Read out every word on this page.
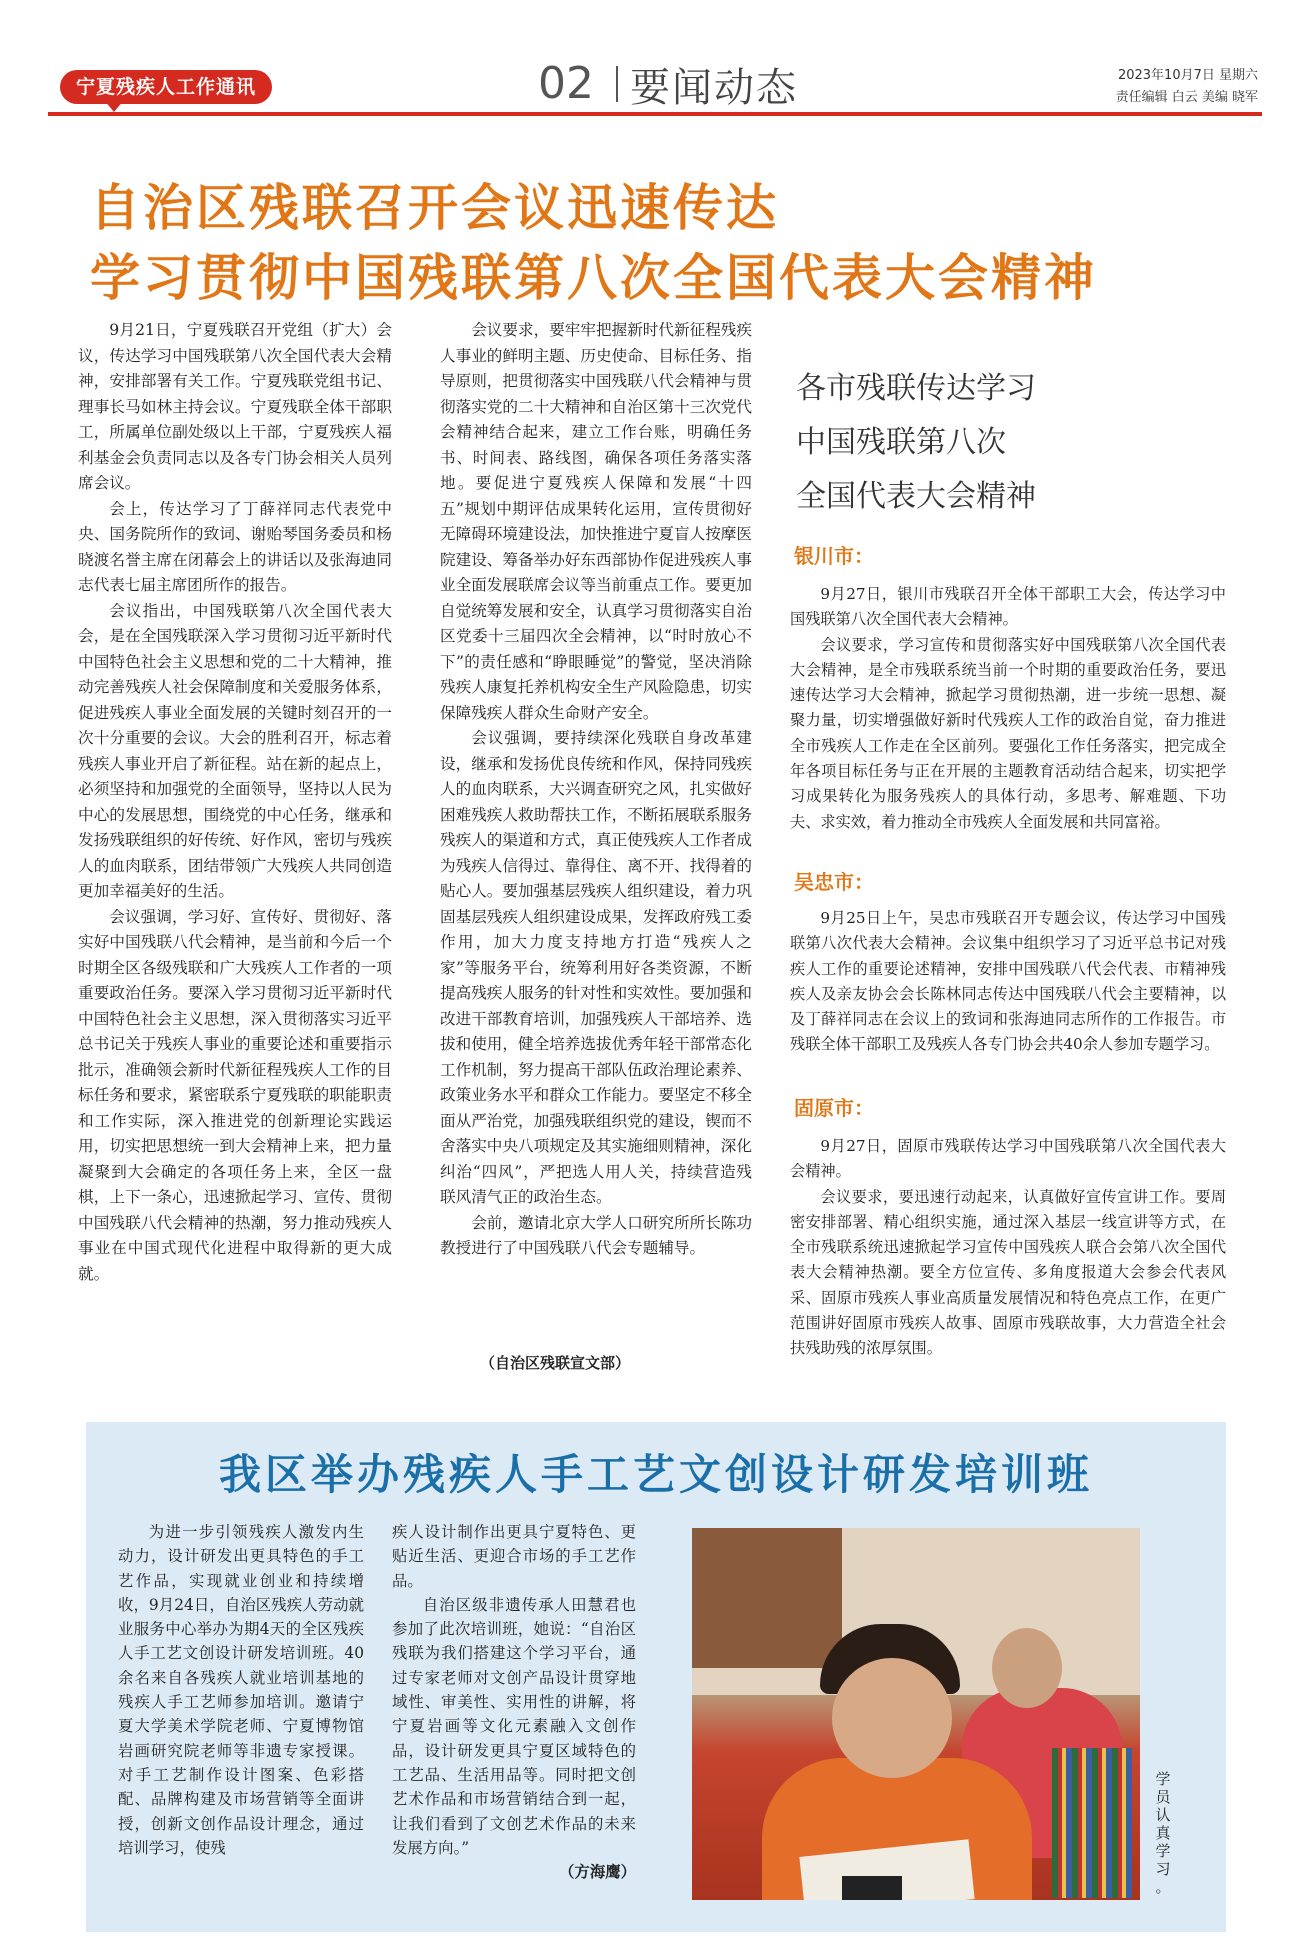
宁夏残疾人工作通讯	02 要闻动态	2023年10月7日 星期六
责任编辑 白云 美编 晓军
自治区残联召开会议迅速传达
学习贯彻中国残联第八次全国代表大会精神

9月21日，宁夏残联召开党组（扩大）会议，传达学习中国残联第八次全国代表大会精神，安排部署有关工作。宁夏残联党组书记、理事长马如林主持会议。宁夏残联全体干部职工，所属单位副处级以上干部，宁夏残疾人福利基金会负责同志以及各专门协会相关人员列席会议。

会上，传达学习了丁薛祥同志代表党中央、国务院所作的致词、谢贻琴国务委员和杨晓渡名誉主席在闭幕会上的讲话以及张海迪同志代表七届主席团所作的报告。

会议指出，中国残联第八次全国代表大会，是在全国残联深入学习贯彻习近平新时代中国特色社会主义思想和党的二十大精神，推动完善残疾人社会保障制度和关爱服务体系，促进残疾人事业全面发展的关键时刻召开的一次十分重要的会议。大会的胜利召开，标志着残疾人事业开启了新征程。站在新的起点上，必须坚持和加强党的全面领导，坚持以人民为中心的发展思想，围绕党的中心任务，继承和发扬残联组织的好传统、好作风，密切与残疾人的血肉联系，团结带领广大残疾人共同创造更加幸福美好的生活。

会议强调，学习好、宣传好、贯彻好、落实好中国残联八代会精神，是当前和今后一个时期全区各级残联和广大残疾人工作者的一项重要政治任务。要深入学习贯彻习近平新时代中国特色社会主义思想，深入贯彻落实习近平总书记关于残疾人事业的重要论述和重要指示批示，准确领会新时代新征程残疾人工作的目标任务和要求，紧密联系宁夏残联的职能职责和工作实际，深入推进党的创新理论实践运用，切实把思想统一到大会精神上来，把力量凝聚到大会确定的各项任务上来，全区一盘棋，上下一条心，迅速掀起学习、宣传、贯彻中国残联八代会精神的热潮，努力推动残疾人事业在中国式现代化进程中取得新的更大成就。

会议要求，要牢牢把握新时代新征程残疾人事业的鲜明主题、历史使命、目标任务、指导原则，把贯彻落实中国残联八代会精神与贯彻落实党的二十大精神和自治区第十三次党代会精神结合起来，建立工作台账，明确任务书、时间表、路线图，确保各项任务落实落地。要促进宁夏残疾人保障和发展“十四五”规划中期评估成果转化运用，宣传贯彻好无障碍环境建设法，加快推进宁夏盲人按摩医院建设、筹备举办好东西部协作促进残疾人事业全面发展联席会议等当前重点工作。要更加自觉统筹发展和安全，认真学习贯彻落实自治区党委十三届四次全会精神，以“时时放心不下”的责任感和“睁眼睡觉”的警觉，坚决消除残疾人康复托养机构安全生产风险隐患，切实保障残疾人群众生命财产安全。

会议强调，要持续深化残联自身改革建设，继承和发扬优良传统和作风，保持同残疾人的血肉联系，大兴调查研究之风，扎实做好困难残疾人救助帮扶工作，不断拓展联系服务残疾人的渠道和方式，真正使残疾人工作者成为残疾人信得过、靠得住、离不开、找得着的贴心人。要加强基层残疾人组织建设，着力巩固基层残疾人组织建设成果，发挥政府残工委作用，加大力度支持地方打造“残疾人之家”等服务平台，统筹利用好各类资源，不断提高残疾人服务的针对性和实效性。要加强和改进干部教育培训，加强残疾人干部培养、选拔和使用，健全培养选拔优秀年轻干部常态化工作机制，努力提高干部队伍政治理论素养、政策业务水平和群众工作能力。要坚定不移全面从严治党，加强残联组织党的建设，锲而不舍落实中央八项规定及其实施细则精神，深化纠治“四风”，严把选人用人关，持续营造残联风清气正的政治生态。

会前，邀请北京大学人口研究所所长陈功教授进行了中国残联八代会专题辅导。

（自治区残联宣文部）
各市残联传达学习
中国残联第八次
全国代表大会精神
银川市：

9月27日，银川市残联召开全体干部职工大会，传达学习中国残联第八次全国代表大会精神。

会议要求，学习宣传和贯彻落实好中国残联第八次全国代表大会精神，是全市残联系统当前一个时期的重要政治任务，要迅速传达学习大会精神，掀起学习贯彻热潮，进一步统一思想、凝聚力量，切实增强做好新时代残疾人工作的政治自觉，奋力推进全市残疾人工作走在全区前列。要强化工作任务落实，把完成全年各项目标任务与正在开展的主题教育活动结合起来，切实把学习成果转化为服务残疾人的具体行动，多思考、解难题、下功夫、求实效，着力推动全市残疾人全面发展和共同富裕。

吴忠市：

9月25日上午，吴忠市残联召开专题会议，传达学习中国残联第八次代表大会精神。会议集中组织学习了习近平总书记对残疾人工作的重要论述精神，安排中国残联八代会代表、市精神残疾人及亲友协会会长陈林同志传达中国残联八代会主要精神，以及丁薛祥同志在会议上的致词和张海迪同志所作的工作报告。市残联全体干部职工及残疾人各专门协会共40余人参加专题学习。

固原市：

9月27日，固原市残联传达学习中国残联第八次全国代表大会精神。

会议要求，要迅速行动起来，认真做好宣传宣讲工作。要周密安排部署、精心组织实施，通过深入基层一线宣讲等方式，在全市残联系统迅速掀起学习宣传中国残疾人联合会第八次全国代表大会精神热潮。要全方位宣传、多角度报道大会参会代表风采、固原市残疾人事业高质量发展情况和特色亮点工作，在更广范围讲好固原市残疾人故事、固原市残联故事，大力营造全社会扶残助残的浓厚氛围。

我区举办残疾人手工艺文创设计研发培训班

为进一步引领残疾人激发内生动力，设计研发出更具特色的手工艺作品，实现就业创业和持续增收，9月24日，自治区残疾人劳动就业服务中心举办为期4天的全区残疾人手工艺文创设计研发培训班。40余名来自各残疾人就业培训基地的残疾人手工艺师参加培训。邀请宁夏大学美术学院老师、宁夏博物馆岩画研究院老师等非遗专家授课。对手工艺制作设计图案、色彩搭配、品牌构建及市场营销等全面讲授，创新文创作品设计理念，通过培训学习，使残

疾人设计制作出更具宁夏特色、更贴近生活、更迎合市场的手工艺作品。

自治区级非遗传承人田慧君也参加了此次培训班，她说：“自治区残联为我们搭建这个学习平台，通过专家老师对文创产品设计贯穿地域性、审美性、实用性的讲解，将宁夏岩画等文化元素融入文创作品，设计研发更具宁夏区域特色的工艺品、生活用品等。同时把文创艺术作品和市场营销结合到一起，让我们看到了文创艺术作品的未来发展方向。”

（方海鹰）

学
员
认
真
学
习
。
